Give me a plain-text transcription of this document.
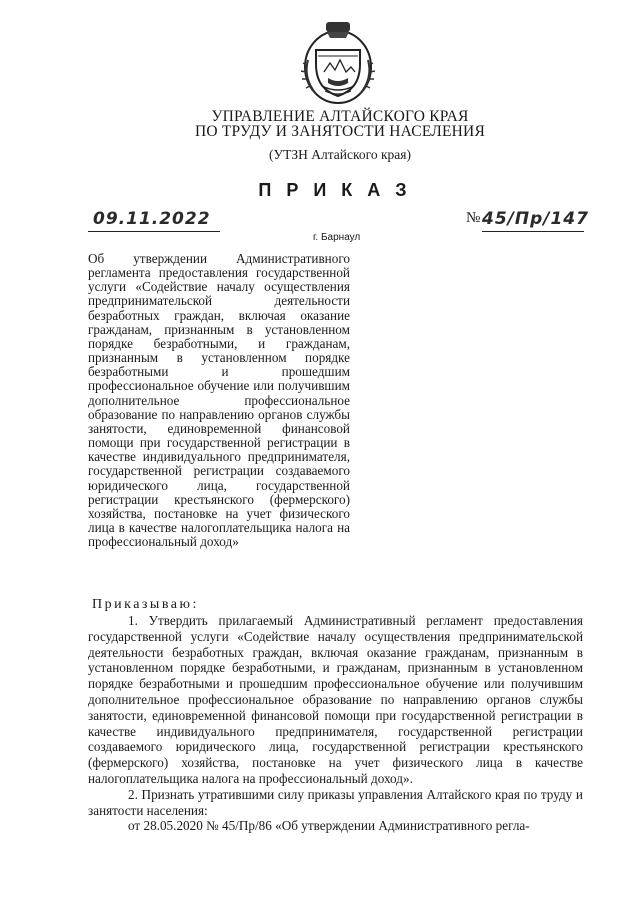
УПРАВЛЕНИЕ АЛТАЙСКОГО КРАЯ
ПО ТРУДУ И ЗАНЯТОСТИ НАСЕЛЕНИЯ
(УТЗН Алтайского края)
ПРИКАЗ
09.11.2022
г. Барнаул
№ 45/Пр/147

Об утверждении Административного регламента предоставления государственной услуги «Содействие началу осуществления предпринимательской деятельности безработных граждан, включая оказание гражданам, признанным в установленном порядке безработными, и гражданам, признанным в установленном порядке безработными и прошедшим профессиональное обучение или получившим дополнительное профессиональное образование по направлению органов службы занятости, единовременной финансовой помощи при государственной регистрации в качестве индивидуального предпринимателя, государственной регистрации создаваемого юридического лица, государственной регистрации крестьянского (фермерского) хозяйства, постановке на учет физического лица в качестве налогоплательщика налога на профессиональный доход»

Приказываю:

1. Утвердить прилагаемый Административный регламент предоставления государственной услуги «Содействие началу осуществления предпринимательской деятельности безработных граждан, включая оказание гражданам, признанным в установленном порядке безработными, и гражданам, признанным в установленном порядке безработными и прошедшим профессиональное обучение или получившим дополнительное профессиональное образование по направлению органов службы занятости, единовременной финансовой помощи при государственной регистрации в качестве индивидуального предпринимателя, государственной регистрации создаваемого юридического лица, государственной регистрации крестьянского (фермерского) хозяйства, постановке на учет физического лица в качестве налогоплательщика налога на профессиональный доход».

2. Признать утратившими силу приказы управления Алтайского края по труду и занятости населения:

от 28.05.2020 № 45/Пр/86 «Об утверждении Административного регла-
